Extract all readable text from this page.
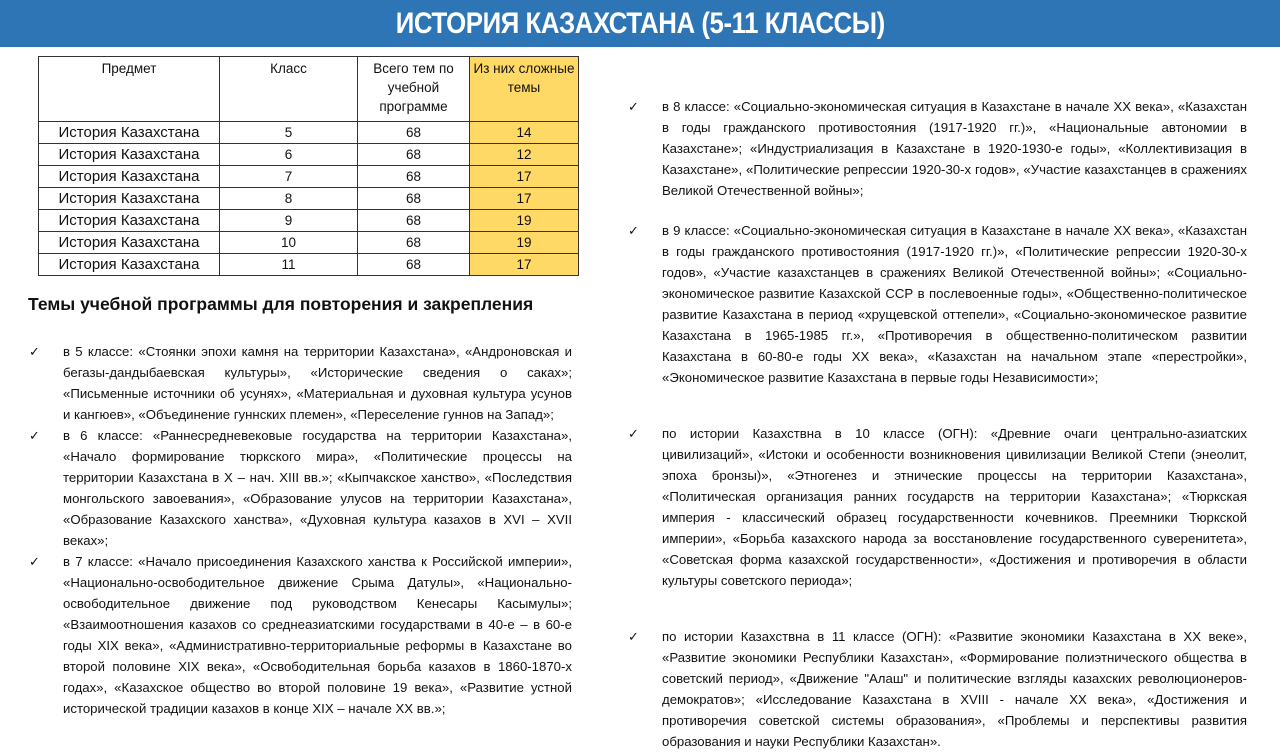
ИСТОРИЯ КАЗАХСТАНА (5-11 КЛАССЫ)
Предмет	Класс	Всего тем по учебной программе	Из них сложные темы
История Казахстана	5	68	14
История Казахстана	6	68	12
История Казахстана	7	68	17
История Казахстана	8	68	17
История Казахстана	9	68	19
История Казахстана	10	68	19
История Казахстана	11	68	17
Темы учебной программы для повторения и закрепления
✓ в 5 классе: «Стоянки эпохи камня на территории Казахстана», «Андроновская и бегазы-дандыбаевская культуры», «Исторические сведения о саках»; «Письменные источники об усунях», «Материальная и духовная культура усунов и кангюев», «Объединение гуннских племен», «Переселение гуннов на Запад»;
✓ в 6 классе: «Раннесредневековые государства на территории Казахстана», «Начало формирование тюркского мира», «Политические процессы на территории Казахстана в X – нач. XIII вв.»; «Кыпчакское ханство», «Последствия монгольского завоевания», «Образование улусов на территории Казахстана», «Образование Казахского ханства», «Духовная культура казахов в XVI – XVII веках»;
✓ в 7 классе: «Начало присоединения Казахского ханства к Российской империи», «Национально-освободительное движение Срыма Датулы», «Национально-освободительное движение под руководством Кенесары Касымулы»; «Взаимоотношения казахов со среднеазиатскими государствами в 40-е – в 60-е годы XIX века», «Административно-территориальные реформы в Казахстане во второй половине XIX века», «Освободительная борьба казахов в 1860-1870-х годах», «Казахское общество во второй половине 19 века», «Развитие устной исторической традиции казахов в конце XIX – начале XX вв.»;
✓ в 8 классе: «Социально-экономическая ситуация в Казахстане в начале XX века», «Казахстан в годы гражданского противостояния (1917-1920 гг.)», «Национальные автономии в Казахстане»; «Индустриализация в Казахстане в 1920-1930-е годы», «Коллективизация в Казахстане», «Политические репрессии 1920-30-х годов», «Участие казахстанцев в сражениях Великой Отечественной войны»;
✓ в 9 классе: «Социально-экономическая ситуация в Казахстане в начале XX века», «Казахстан в годы гражданского противостояния (1917-1920 гг.)», «Политические репрессии 1920-30-х годов», «Участие казахстанцев в сражениях Великой Отечественной войны»; «Социально-экономическое развитие Казахской ССР в послевоенные годы», «Общественно-политическое развитие Казахстана в период «хрущевской оттепели», «Социально-экономическое развитие Казахстана в 1965-1985 гг.», «Противоречия в общественно-политическом развитии Казахстана в 60-80-е годы XX века», «Казахстан на начальном этапе «перестройки», «Экономическое развитие Казахстана в первые годы Независимости»;
✓ по истории Казахствна в 10 классе (ОГН): «Древние очаги центрально-азиатских цивилизаций», «Истоки и особенности возникновения цивилизации Великой Степи (энеолит, эпоха бронзы)», «Этногенез и этнические процессы на территории Казахстана», «Политическая организация ранних государств на территории Казахстана»; «Тюркская империя - классический образец государственности кочевников. Преемники Тюркской империи», «Борьба казахского народа за восстановление государственного суверенитета», «Советская форма казахской государственности», «Достижения и противоречия в области культуры советского периода»;
✓ по истории Казахствна в 11 классе (ОГН): «Развитие экономики Казахстана в XX веке», «Развитие экономики Республики Казахстан», «Формирование полиэтнического общества в советский период», «Движение "Алаш" и политические взгляды казахских революционеров-демократов»; «Исследование Казахстана в XVIII - начале XX века», «Достижения и противоречия советской системы образования», «Проблемы и перспективы развития образования и науки Республики Казахстан».
